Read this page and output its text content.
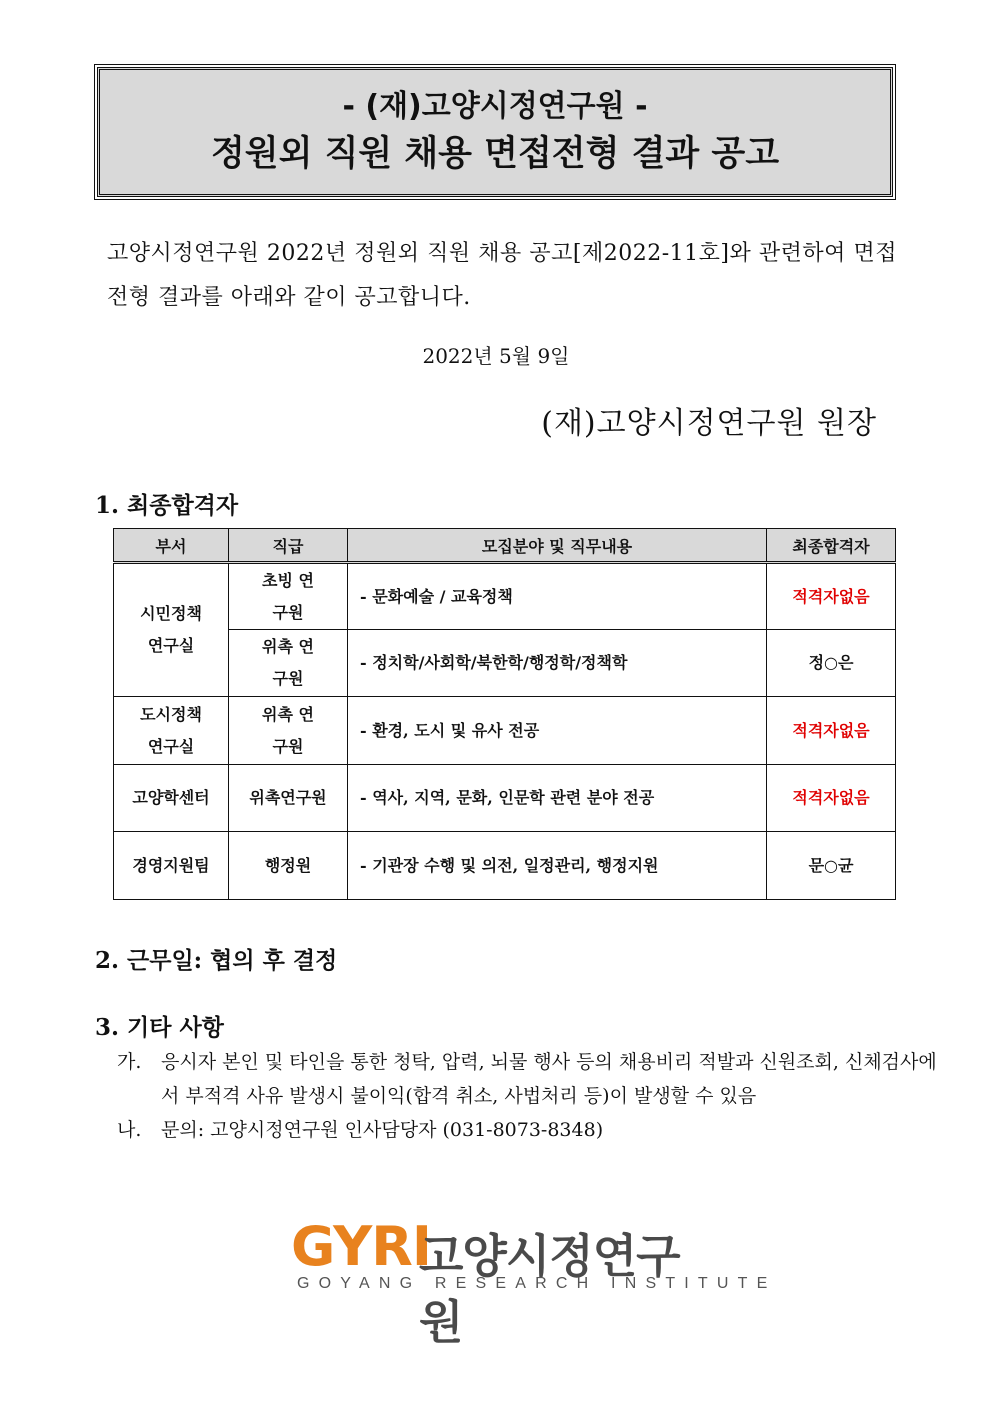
- (재)고양시정연구원 -
정원외 직원 채용 면접전형 결과 공고
고양시정연구원 2022년 정원외 직원 채용 공고[제2022-11호]와 관련하여 면접전형 결과를 아래와 같이 공고합니다.
2022년 5월 9일
(재)고양시정연구원 원장
1. 최종합격자
부서	직급	모집분야 및 직무내용	최종합격자
시민정책 연구실	초빙 연구원	- 문화예술 / 교육정책	적격자없음
	위촉 연구원	- 정치학/사회학/북한학/행정학/정책학	정○은
도시정책 연구실	위촉 연구원	- 환경, 도시 및 유사 전공	적격자없음
고양학센터	위촉연구원	- 역사, 지역, 문화, 인문학 관련 분야 전공	적격자없음
경영지원팀	행정원	- 기관장 수행 및 의전, 일정관리, 행정지원	문○균
2. 근무일: 협의 후 결정
3. 기타 사항
가. 응시자 본인 및 타인을 통한 청탁, 압력, 뇌물 행사 등의 채용비리 적발과 신원조회, 신체검사에서 부적격 사유 발생시 불이익(합격 취소, 사법처리 등)이 발생할 수 있음
나. 문의: 고양시정연구원 인사담당자 (031-8073-8348)
GYRI
고양시정연구원
GOYANG RESEARCH INSTITUTE
